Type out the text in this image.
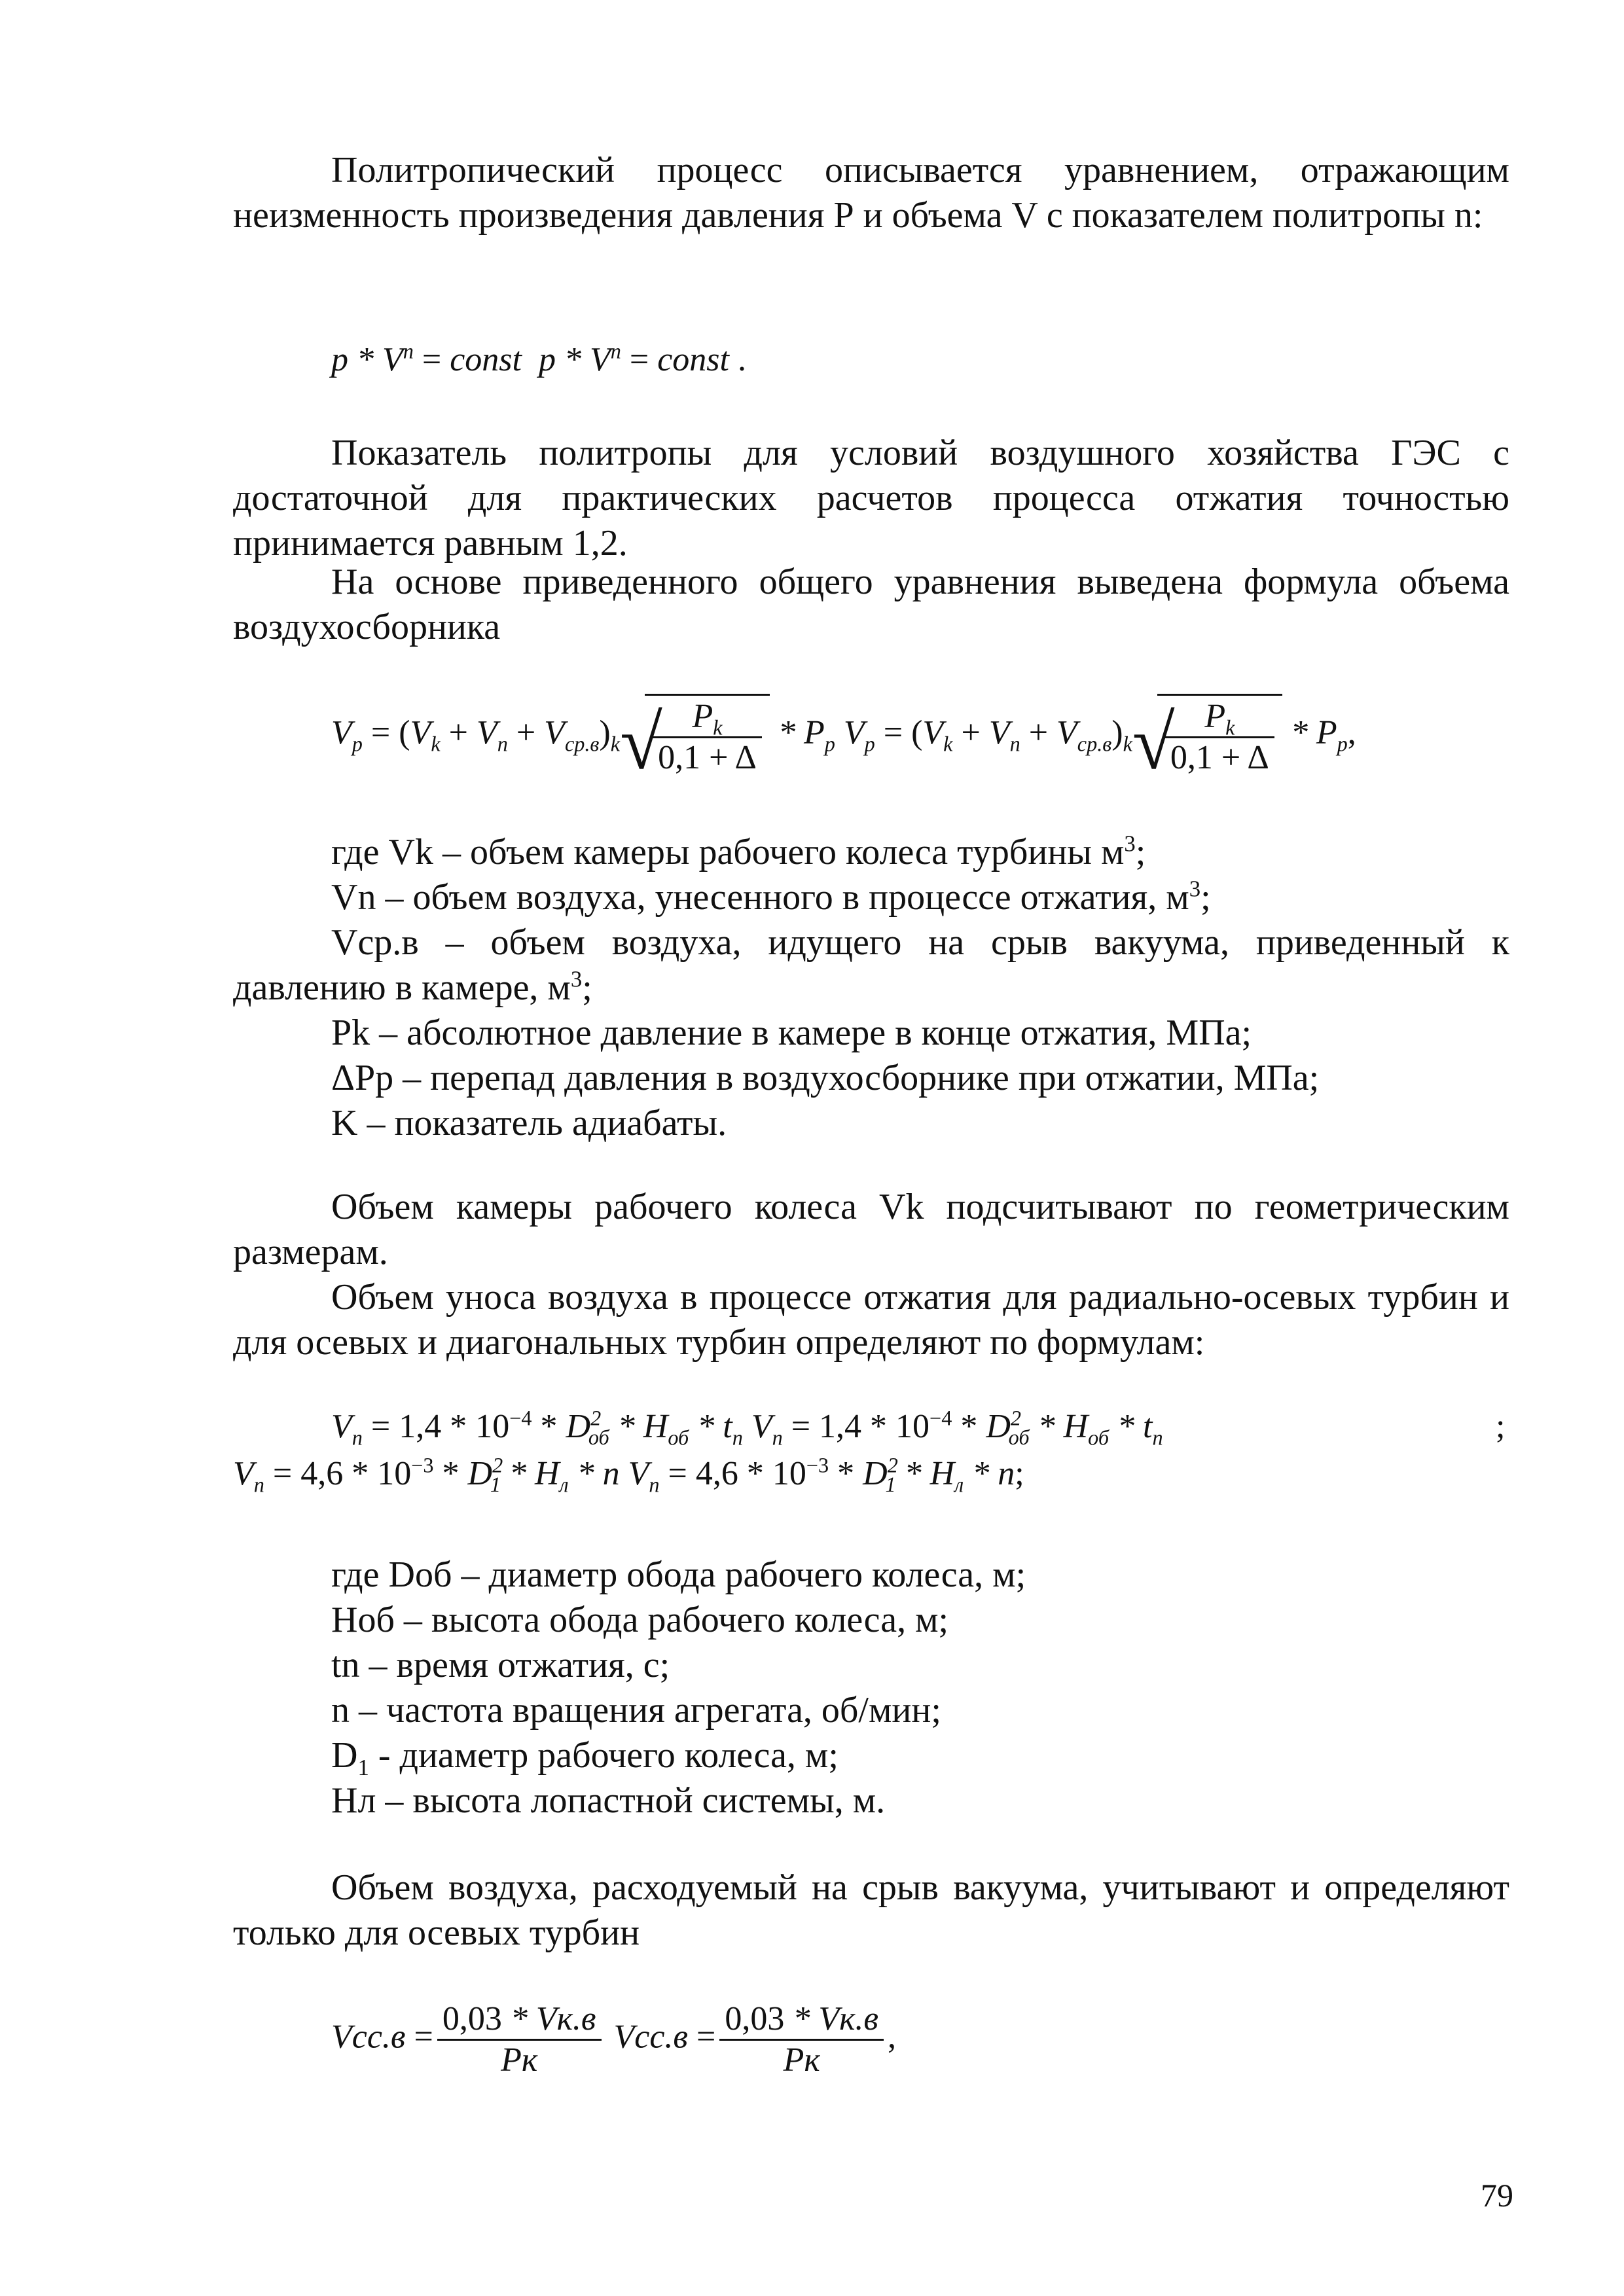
Политропический процесс описывается уравнением, отражающим неизменность произведения давления Р и объема V с показателем политропы n:
p * $V^n$ = const  p * $V^n$ = const .
Показатель политропы для условий воздушного хозяйства ГЭС с достаточной для практических расчетов процесса отжатия точностью принимается равным 1,2.
На основе приведенного общего уравнения выведена формула объема воздухосборника
$V_p = (V_k + V_n + V_{ср.в})_k$ √
$\frac{P_k}{0,1 + \Delta} * P_p$ $V_p = (V_k + V_n + V_{ср.в})_k$ √
$\frac{P_k}{0,1 + \Delta} * P_p$,
где Vk – объем камеры рабочего колеса турбины $м^3$;
Vn – объем воздуха, унесенного в процессе отжатия, $м^3$;
Vср.в – объем воздуха, идущего на срыв вакуума, приведенный к давлению в камере, $м^3$;
Pk – абсолютное давление в камере в конце отжатия, МПа;
ΔPр – перепад давления в воздухосборнике при отжатии, МПа;
K – показатель адиабаты.
Объем камеры рабочего колеса Vk подсчитывают по геометрическим размерам.
Объем уноса воздуха в процессе отжатия для радиально-осевых турбин и для осевых и диагональных турбин определяют по формулам:
$V_n = 1,4 * 10^{-4} * D^2_{об} * H_{об} * t_n$ $V_n = 1,4 * 10^{-4} * D^2_{об} * H_{об} * t_n$	;
$V_n = 4,6 * 10^{-3} * D^2_1 * H_л * n$ $V_n = 4,6 * 10^{-3} * D^2_1 * H_л * n$;
где Dоб – диаметр обода рабочего колеса, м;
Ноб – высота обода рабочего колеса, м;
tn – время отжатия, с;
n – частота вращения агрегата, об/мин;
$D_1$ - диаметр рабочего колеса, м;
Нл – высота лопастной системы, м.
Объем воздуха, расходуемый на срыв вакуума, учитывают и определяют только для осевых турбин
$Vсс.в = \frac{0,03 * Vк.в}{Pк} Vсс.в = \frac{0,03 * Vк.в}{Pк}$ ,
79
